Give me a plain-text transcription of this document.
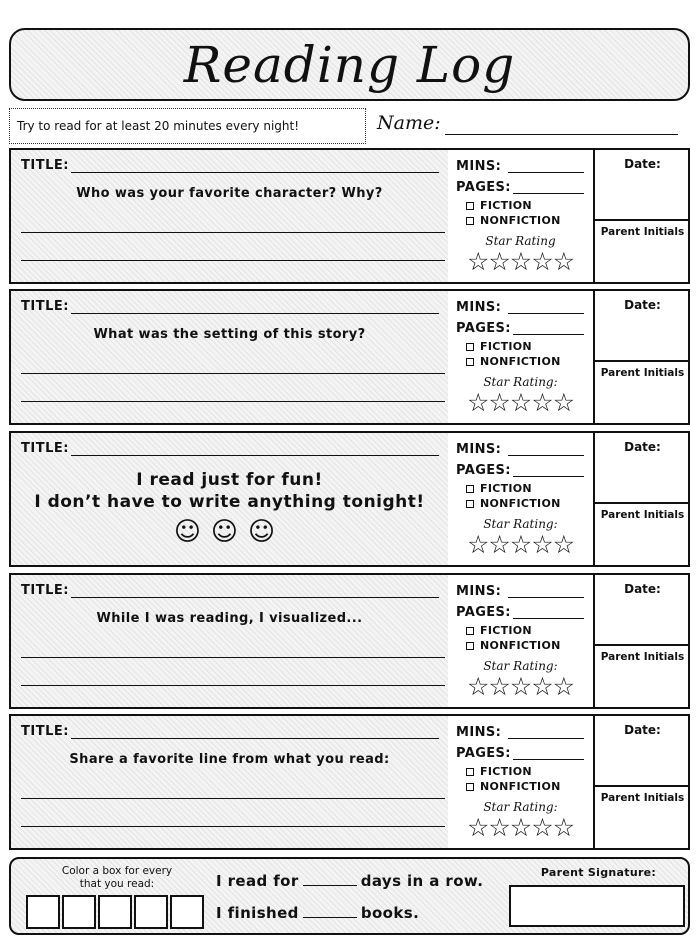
Reading Log
Try to read for at least 20 minutes every night!	Name:
TITLE:
Who was your favorite character? Why?
MINS:
PAGES:
FICTION
NONFICTION
Star Rating
☆☆☆☆☆
Date:
Parent Initials
TITLE:
What was the setting of this story?
MINS:
PAGES:
FICTION
NONFICTION
Star Rating:
☆☆☆☆☆
Date:
Parent Initials
TITLE:
I read just for fun!
I don’t have to write anything tonight!
☺☺☺
MINS:
PAGES:
FICTION
NONFICTION
Star Rating:
☆☆☆☆☆
Date:
Parent Initials
TITLE:
While I was reading, I visualized...
MINS:
PAGES:
FICTION
NONFICTION
Star Rating:
☆☆☆☆☆
Date:
Parent Initials
TITLE:
Share a favorite line from what you read:
MINS:
PAGES:
FICTION
NONFICTION
Star Rating:
☆☆☆☆☆
Date:
Parent Initials
Color a box for every
that you read:	I read for	days in a row.
I finished	books.
Parent Signature:
